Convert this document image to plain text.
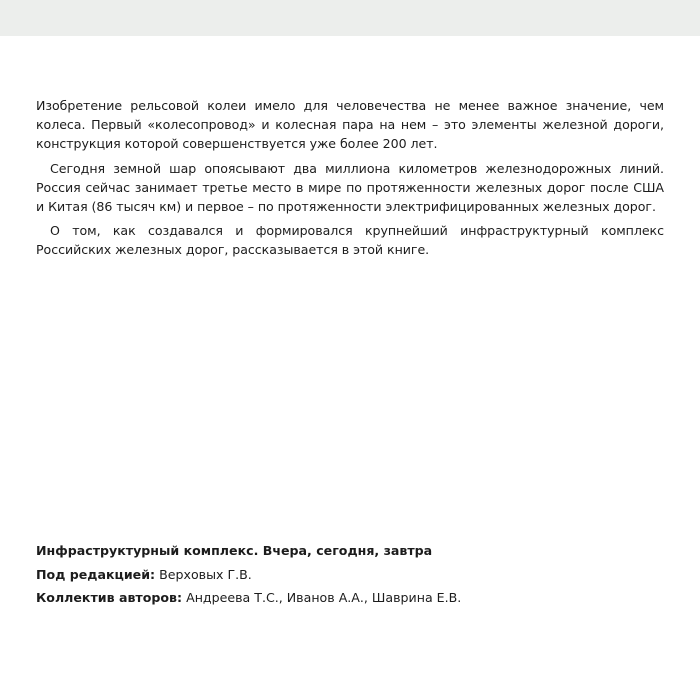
Изобретение рельсовой колеи имело для человечества не менее важное значение, чем колеса. Первый «колесопровод» и колесная пара на нем – это элементы железной дороги, конструкция которой совершенствуется уже более 200 лет.

Сегодня земной шар опоясывают два миллиона километров железнодорожных линий. Россия сейчас занимает третье место в мире по протяженности железных дорог после США и Китая (86 тысяч км) и первое – по протяженности электрифицированных железных дорог.

О том, как создавался и формировался крупнейший инфраструктурный комплекс Российских железных дорог, рассказывается в этой книге.

Инфраструктурный комплекс. Вчера, сегодня, завтра
Под редакцией: Верховых Г.В.
Коллектив авторов: Андреева Т.С., Иванов А.А., Шаврина Е.В.
